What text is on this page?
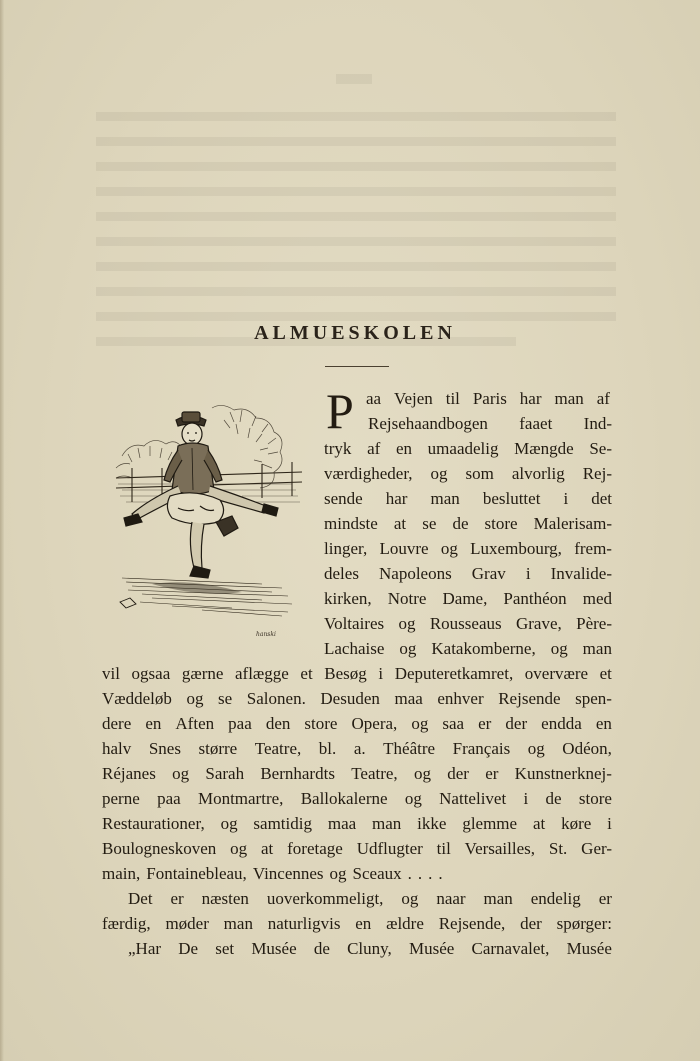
ALMUESKOLEN
hanski
P aa Vejen til Paris har man af
Rejsehaandbogen faaet Ind-
tryk af en umaadelig Mængde Se-
værdigheder, og som alvorlig Rej-
sende har man besluttet i det
mindste at se de store Malerisam-
linger, Louvre og Luxembourg, frem-
deles Napoleons Grav i Invalide-
kirken, Notre Dame, Panthéon med
Voltaires og Rousseaus Grave, Père-
Lachaise og Katakomberne, og man
vil ogsaa gærne aflægge et Besøg i Deputeretkamret, overvære et
Væddeløb og se Salonen. Desuden maa enhver Rejsende spen-
dere en Aften paa den store Opera, og saa er der endda en
halv Snes større Teatre, bl. a. Théâtre Français og Odéon,
Réjanes og Sarah Bernhardts Teatre, og der er Kunstnerknej-
perne paa Montmartre, Ballokalerne og Nattelivet i de store
Restaurationer, og samtidig maa man ikke glemme at køre i
Boulogneskoven og at foretage Udflugter til Versailles, St. Ger-
main, Fontainebleau, Vincennes og Sceaux . . . .
Det er næsten uoverkommeligt, og naar man endelig er
færdig, møder man naturligvis en ældre Rejsende, der spørger:
„Har De set Musée de Cluny, Musée Carnavalet, Musée
